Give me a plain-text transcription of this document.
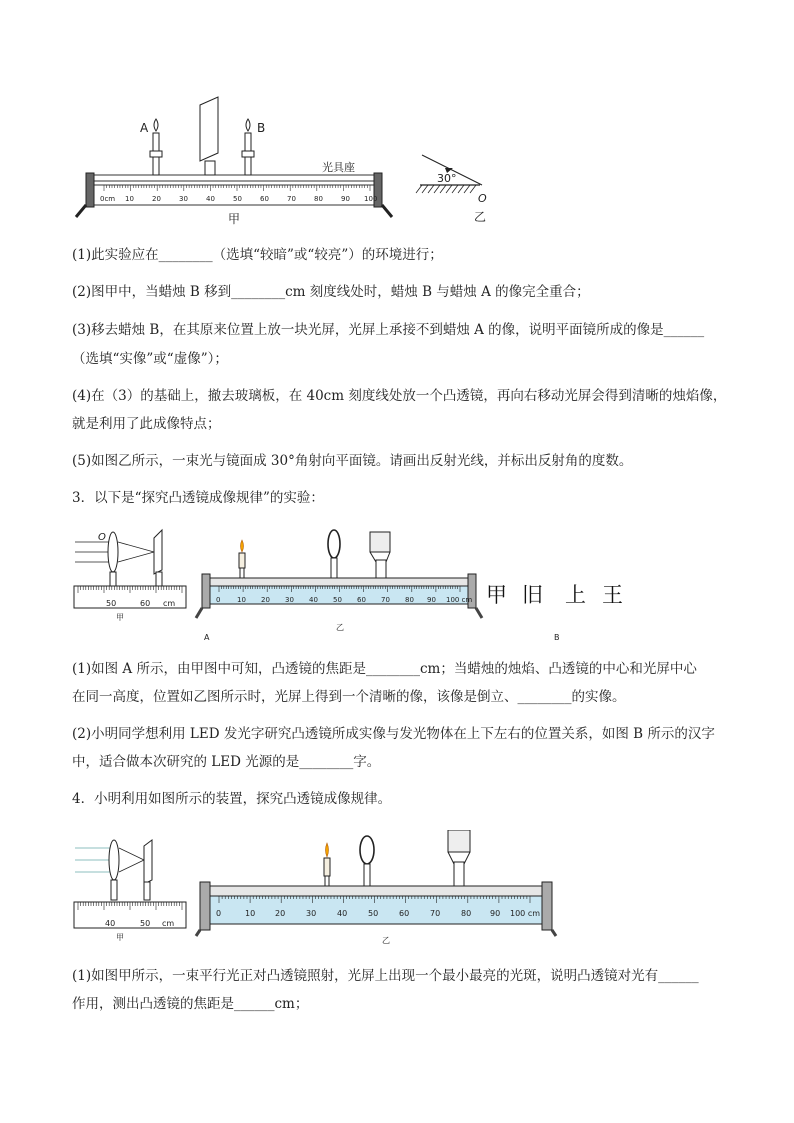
0cm 10	20	30	40	50	60	70	80	90 100
A	B
光具座
甲
30°
O
乙
(1)此实验应在________（选填“较暗”或“较亮”）的环境进行；
(2)图甲中，当蜡烛 B 移到________cm 刻度线处时，蜡烛 B 与蜡烛 A 的像完全重合；
(3)移去蜡烛 B，在其原来位置上放一块光屏，光屏上承接不到蜡烛 A 的像，说明平面镜所成的像是______
（选填“实像”或“虚像”）；
(4)在（3）的基础上，撤去玻璃板，在 40cm 刻度线处放一个凸透镜，再向右移动光屏会得到清晰的烛焰像，
就是利用了此成像特点；
(5)如图乙所示，一束光与镜面成 30°角射向平面镜。请画出反射光线，并标出反射角的度数。
3．以下是“探究凸透镜成像规律”的实验：
O
50	60 cm
甲
0 10 20 30 40 50 60 70 80 90 100 cm
乙
A
甲 旧 上 王
B
(1)如图 A 所示，由甲图中可知，凸透镜的焦距是________cm；当蜡烛的烛焰、凸透镜的中心和光屏中心
在同一高度，位置如乙图所示时，光屏上得到一个清晰的像，该像是倒立、________的实像。
(2)小明同学想利用 LED 发光字研究凸透镜所成实像与发光物体在上下左右的位置关系，如图 B 所示的汉字
中，适合做本次研究的 LED 光源的是________字。
4．小明利用如图所示的装置，探究凸透镜成像规律。
40	50 cm
甲
0	10 20	30	40	50	60	70	80 90 100 cm
乙
(1)如图甲所示，一束平行光正对凸透镜照射，光屏上出现一个最小最亮的光斑，说明凸透镜对光有______
作用，测出凸透镜的焦距是______cm；
